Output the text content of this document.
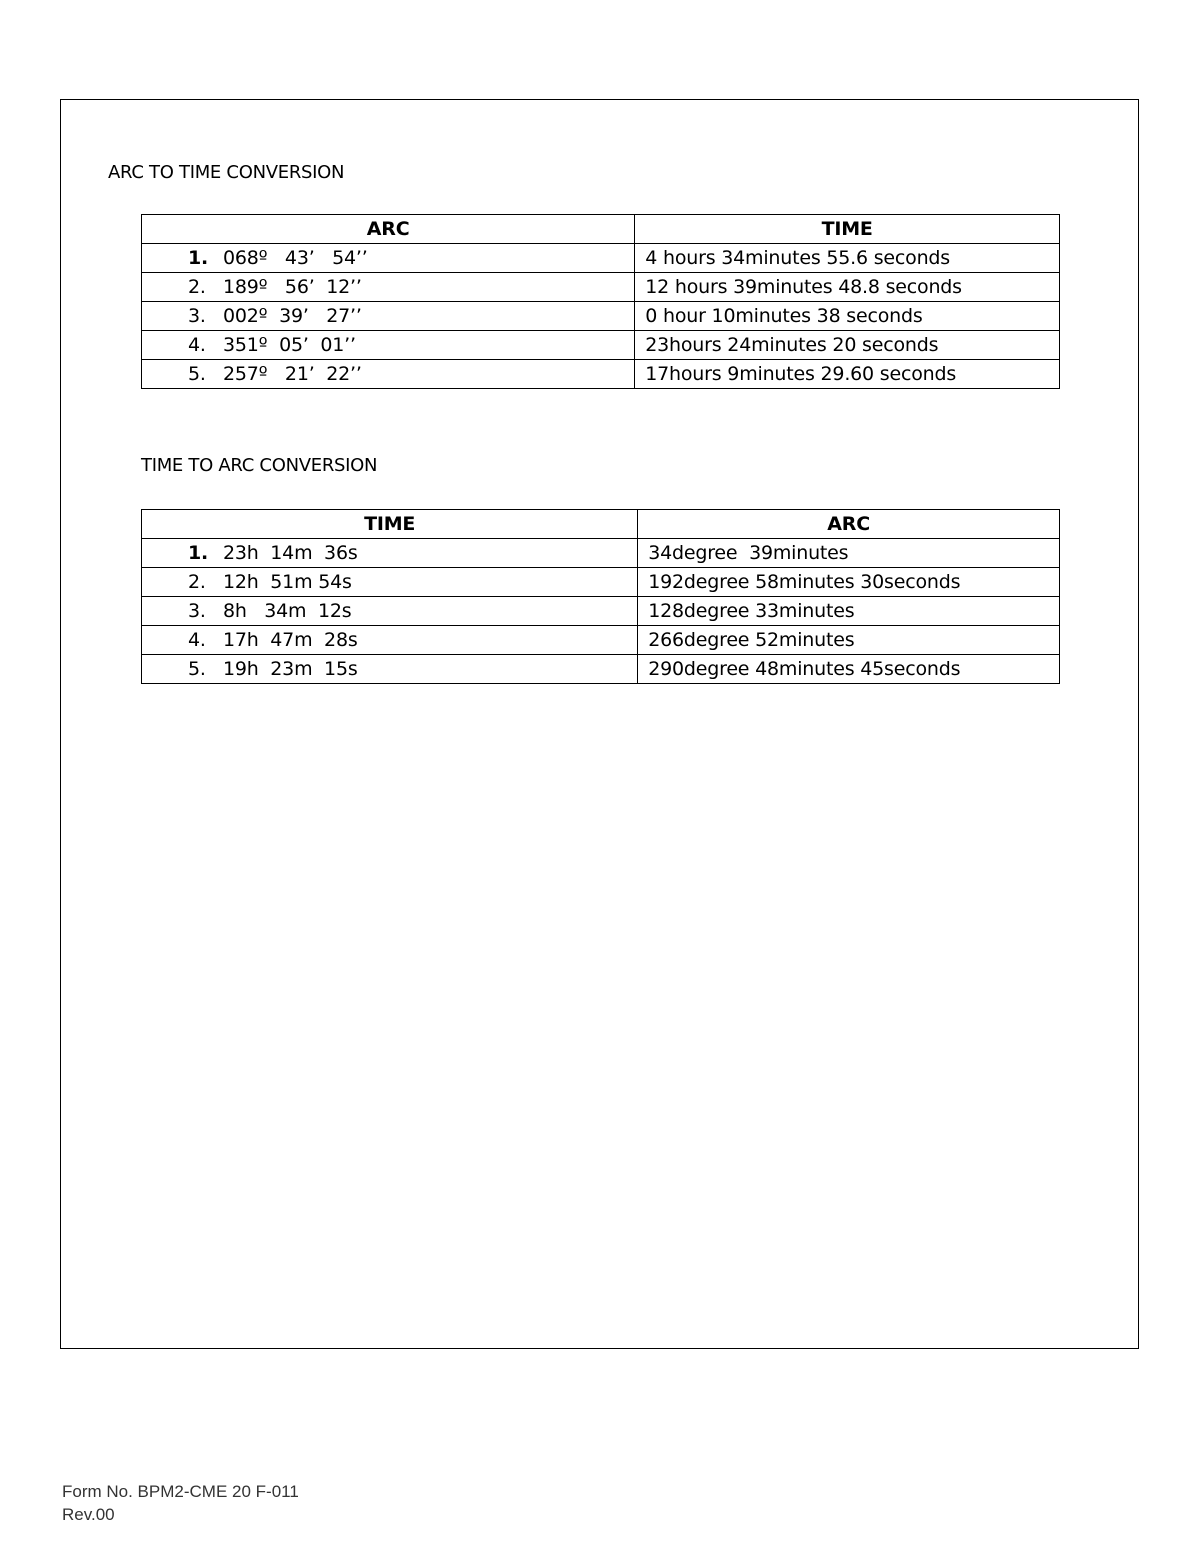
ARC TO TIME CONVERSION
ARC	TIME
1. 068º   43’   54’’	4 hours 34minutes 55.6 seconds
2. 189º   56’  12’’	12 hours 39minutes 48.8 seconds
3. 002º  39’   27’’	0 hour 10minutes 38 seconds
4. 351º  05’  01’’	23hours 24minutes 20 seconds
5. 257º   21’  22’’	17hours 9minutes 29.60 seconds
TIME TO ARC CONVERSION
TIME	ARC
1. 23h  14m  36s	34degree  39minutes
2. 12h  51m 54s	192degree 58minutes 30seconds
3. 8h   34m  12s	128degree 33minutes
4. 17h  47m  28s	266degree 52minutes
5. 19h  23m  15s	290degree 48minutes 45seconds
Form No. BPM2-CME 20 F-011
Rev.00
